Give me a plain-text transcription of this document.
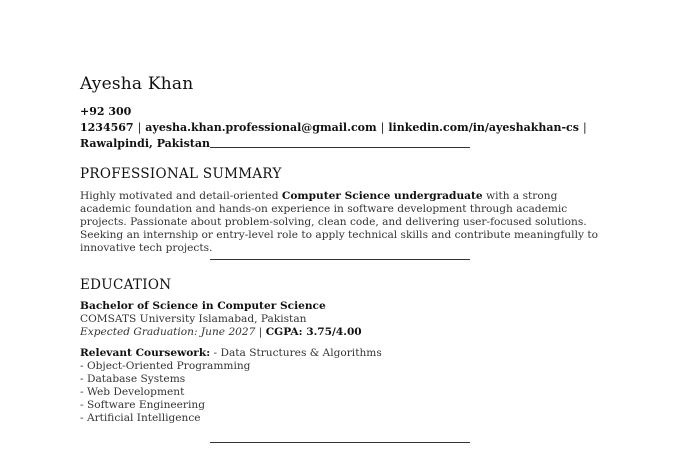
Ayesha Khan
+92 300 1234567 | ayesha.khan.professional@gmail.com | linkedin.com/in/ayeshakhan-cs |
Rawalpindi, Pakistan
PROFESSIONAL SUMMARY
Highly motivated and detail-oriented Computer Science undergraduate with a strong academic foundation and hands-on experience in software development through academic projects. Passionate about problem-solving, clean code, and delivering user-focused solutions. Seeking an internship or entry-level role to apply technical skills and contribute meaningfully to innovative tech projects.
EDUCATION
Bachelor of Science in Computer Science
COMSATS University Islamabad, Pakistan
Expected Graduation: June 2027 | CGPA: 3.75/4.00
Relevant Coursework: - Data Structures & Algorithms
- Object-Oriented Programming
- Database Systems
- Web Development
- Software Engineering
- Artificial Intelligence
